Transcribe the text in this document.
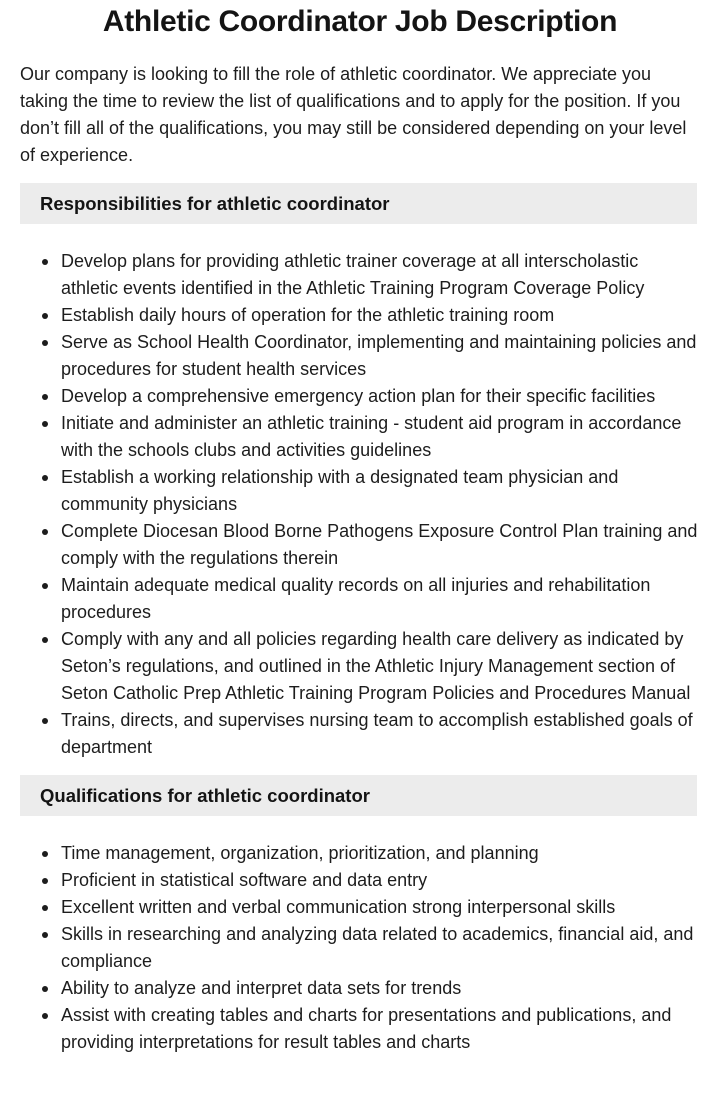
Athletic Coordinator Job Description

Our company is looking to fill the role of athletic coordinator. We appreciate you taking the time to review the list of qualifications and to apply for the position. If you don’t fill all of the qualifications, you may still be considered depending on your level of experience.

Responsibilities for athletic coordinator
Develop plans for providing athletic trainer coverage at all interscholastic athletic events identified in the Athletic Training Program Coverage Policy
Establish daily hours of operation for the athletic training room
Serve as School Health Coordinator, implementing and maintaining policies and procedures for student health services
Develop a comprehensive emergency action plan for their specific facilities
Initiate and administer an athletic training - student aid program in accordance with the schools clubs and activities guidelines
Establish a working relationship with a designated team physician and community physicians
Complete Diocesan Blood Borne Pathogens Exposure Control Plan training and comply with the regulations therein
Maintain adequate medical quality records on all injuries and rehabilitation procedures
Comply with any and all policies regarding health care delivery as indicated by Seton’s regulations, and outlined in the Athletic Injury Management section of Seton Catholic Prep Athletic Training Program Policies and Procedures Manual
Trains, directs, and supervises nursing team to accomplish established goals of department
Qualifications for athletic coordinator
Time management, organization, prioritization, and planning
Proficient in statistical software and data entry
Excellent written and verbal communication strong interpersonal skills
Skills in researching and analyzing data related to academics, financial aid, and compliance
Ability to analyze and interpret data sets for trends
Assist with creating tables and charts for presentations and publications, and providing interpretations for result tables and charts
